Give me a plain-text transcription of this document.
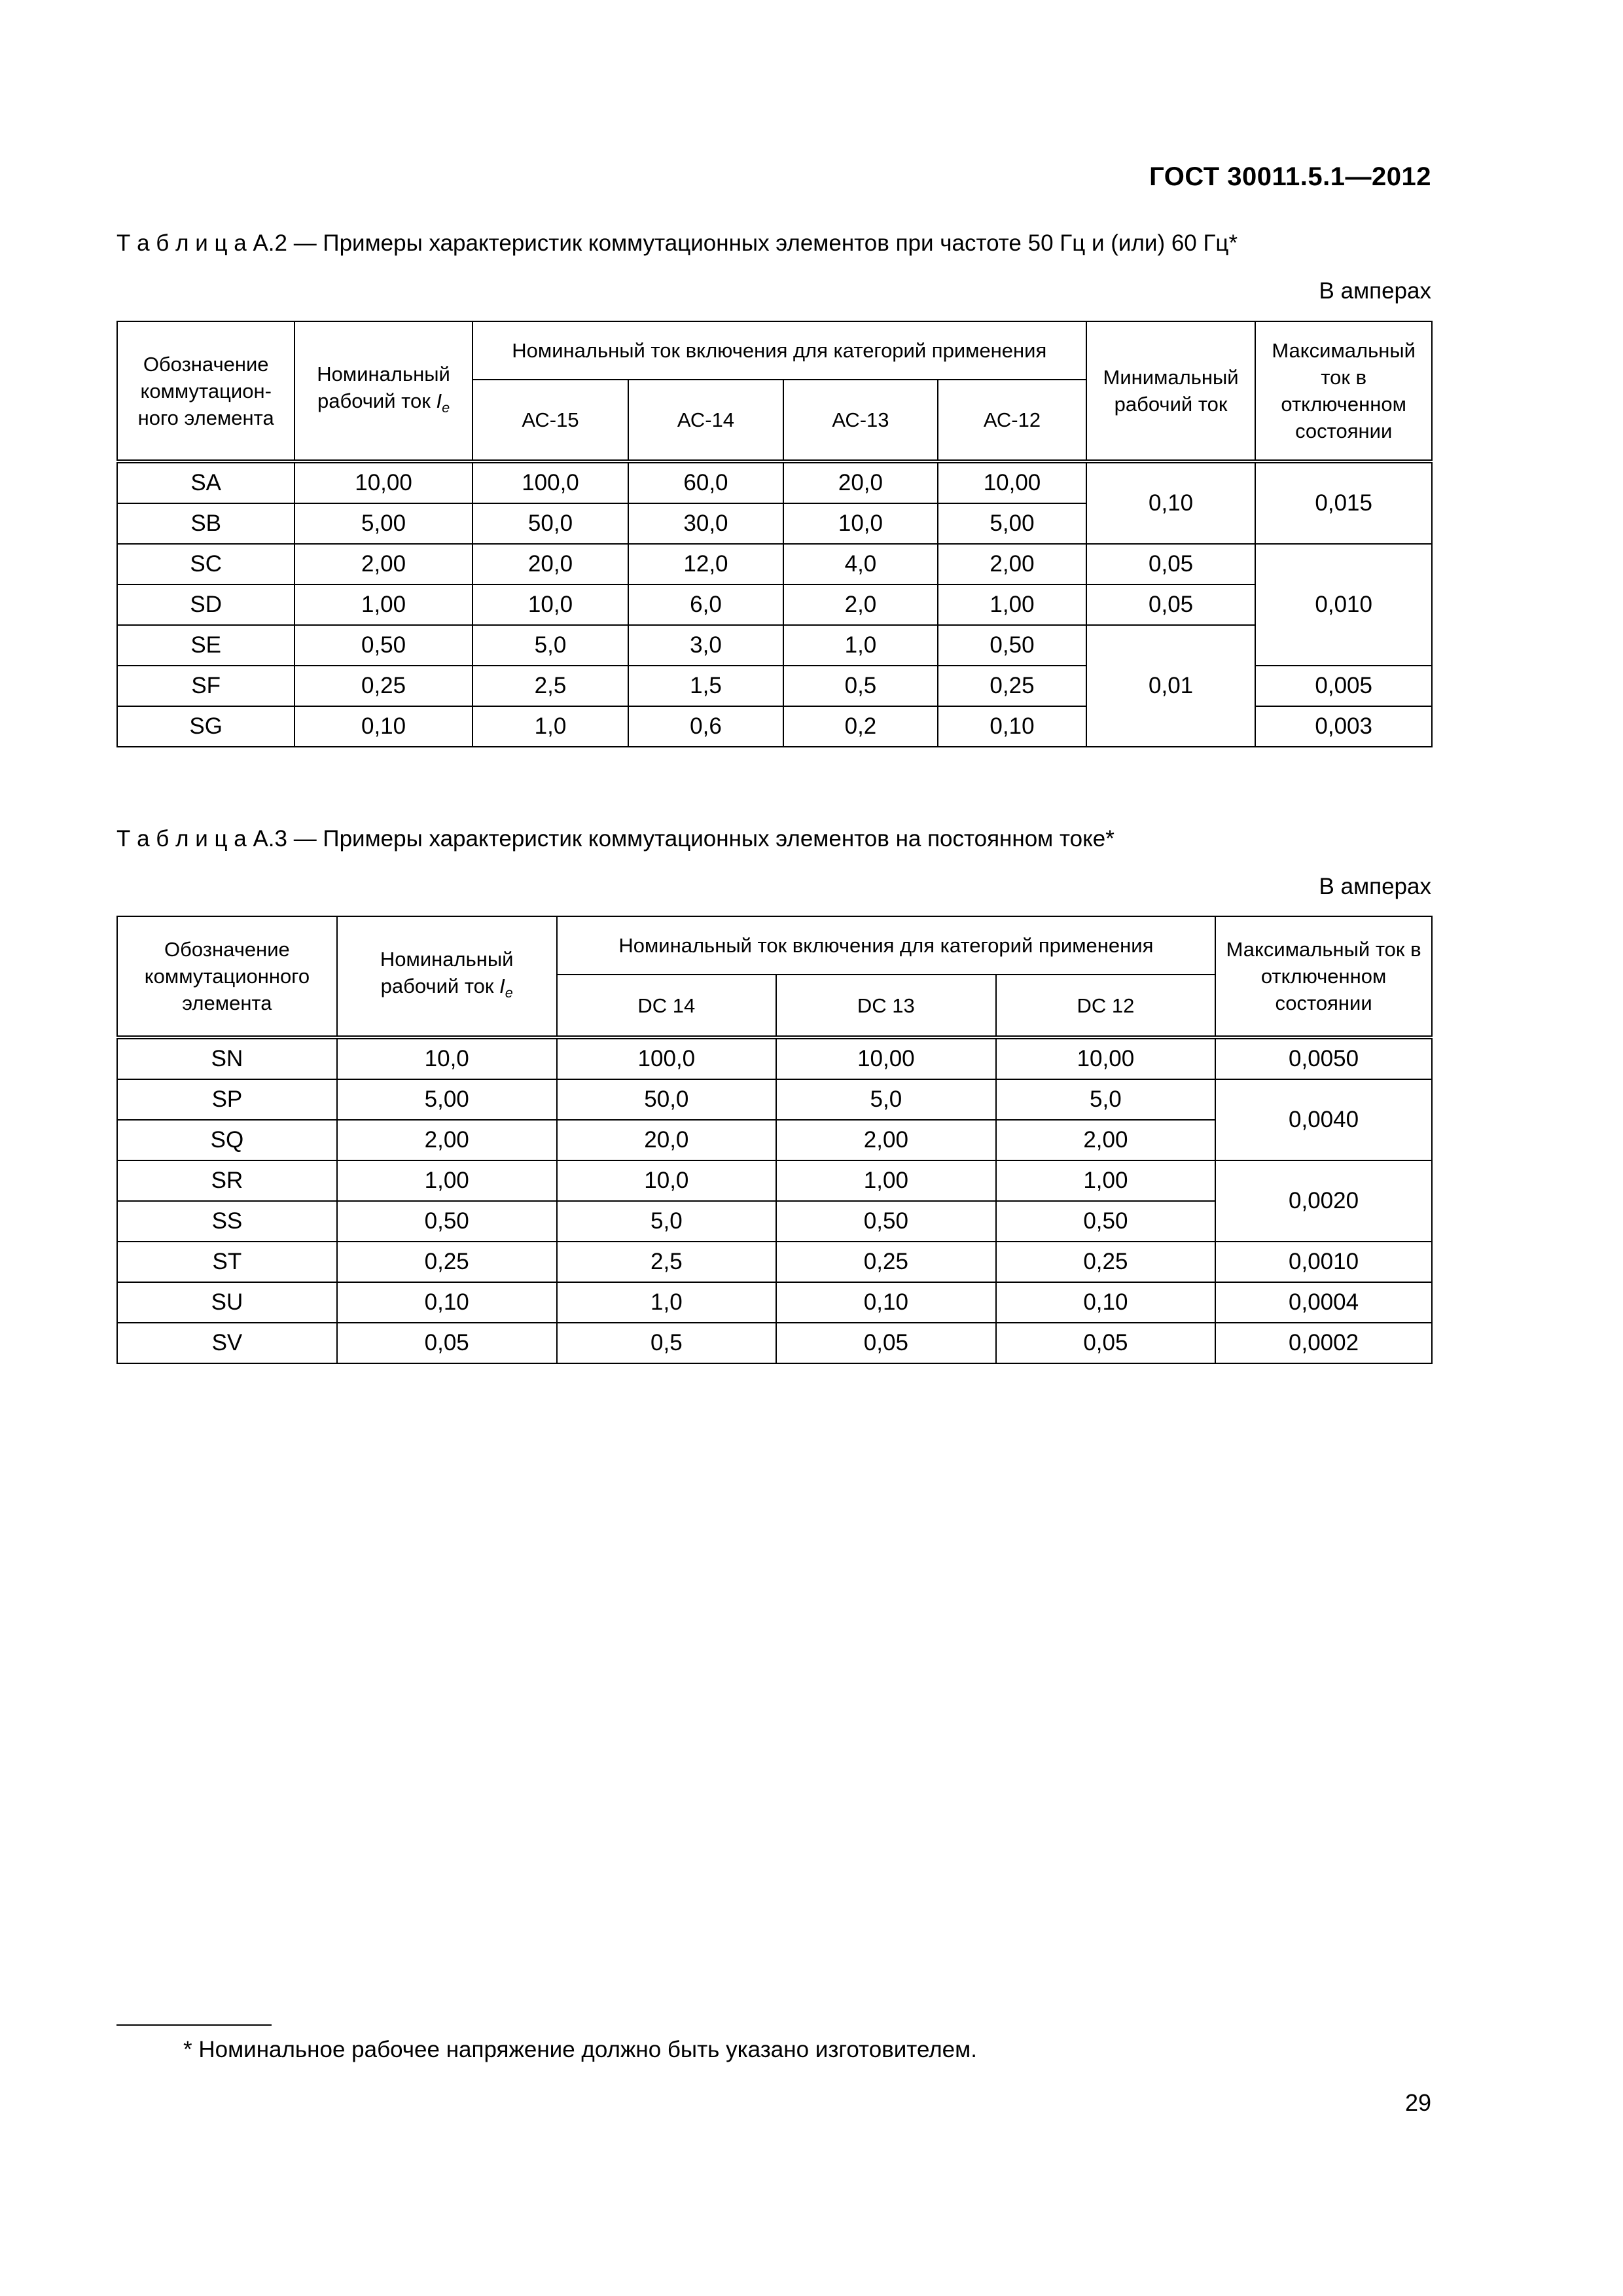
ГОСТ 30011.5.1—2012
Т а б л и ц а А.2 — Примеры характеристик коммутационных элементов при частоте 50 Гц и (или) 60 Гц*
В амперах
Обозначение коммутацион-ного элемента	Номинальный рабочий ток $I_e$	Номинальный ток включения для категорий применения				Минимальный рабочий ток	Максимальный ток в отключенном состоянии
		АС-15	АС-14	АС-13	АС-12		
SA	10,00	100,0	60,0	20,0	10,00	0,10	0,015
SB	5,00	50,0	30,0	10,0	5,00		
SC	2,00	20,0	12,0	4,0	2,00	0,05	0,010
SD	1,00	10,0	6,0	2,0	1,00	0,05	
SE	0,50	5,0	3,0	1,0	0,50	0,01	
SF	0,25	2,5	1,5	0,5	0,25		0,005
SG	0,10	1,0	0,6	0,2	0,10		0,003
Т а б л и ц а А.3 — Примеры характеристик коммутационных элементов на постоянном токе*
В амперах
Обозначение коммутационного элемента	Номинальный рабочий ток $I_e$	Номинальный ток включения для категорий применения			Максимальный ток в отключенном состоянии
		DC 14	DC 13	DC 12	
SN	10,0	100,0	10,00	10,00	0,0050
SP	5,00	50,0	5,0	5,0	0,0040
SQ	2,00	20,0	2,00	2,00	
SR	1,00	10,0	1,00	1,00	0,0020
SS	0,50	5,0	0,50	0,50	
ST	0,25	2,5	0,25	0,25	0,0010
SU	0,10	1,0	0,10	0,10	0,0004
SV	0,05	0,5	0,05	0,05	0,0002
* Номинальное рабочее напряжение должно быть указано изготовителем.
29
